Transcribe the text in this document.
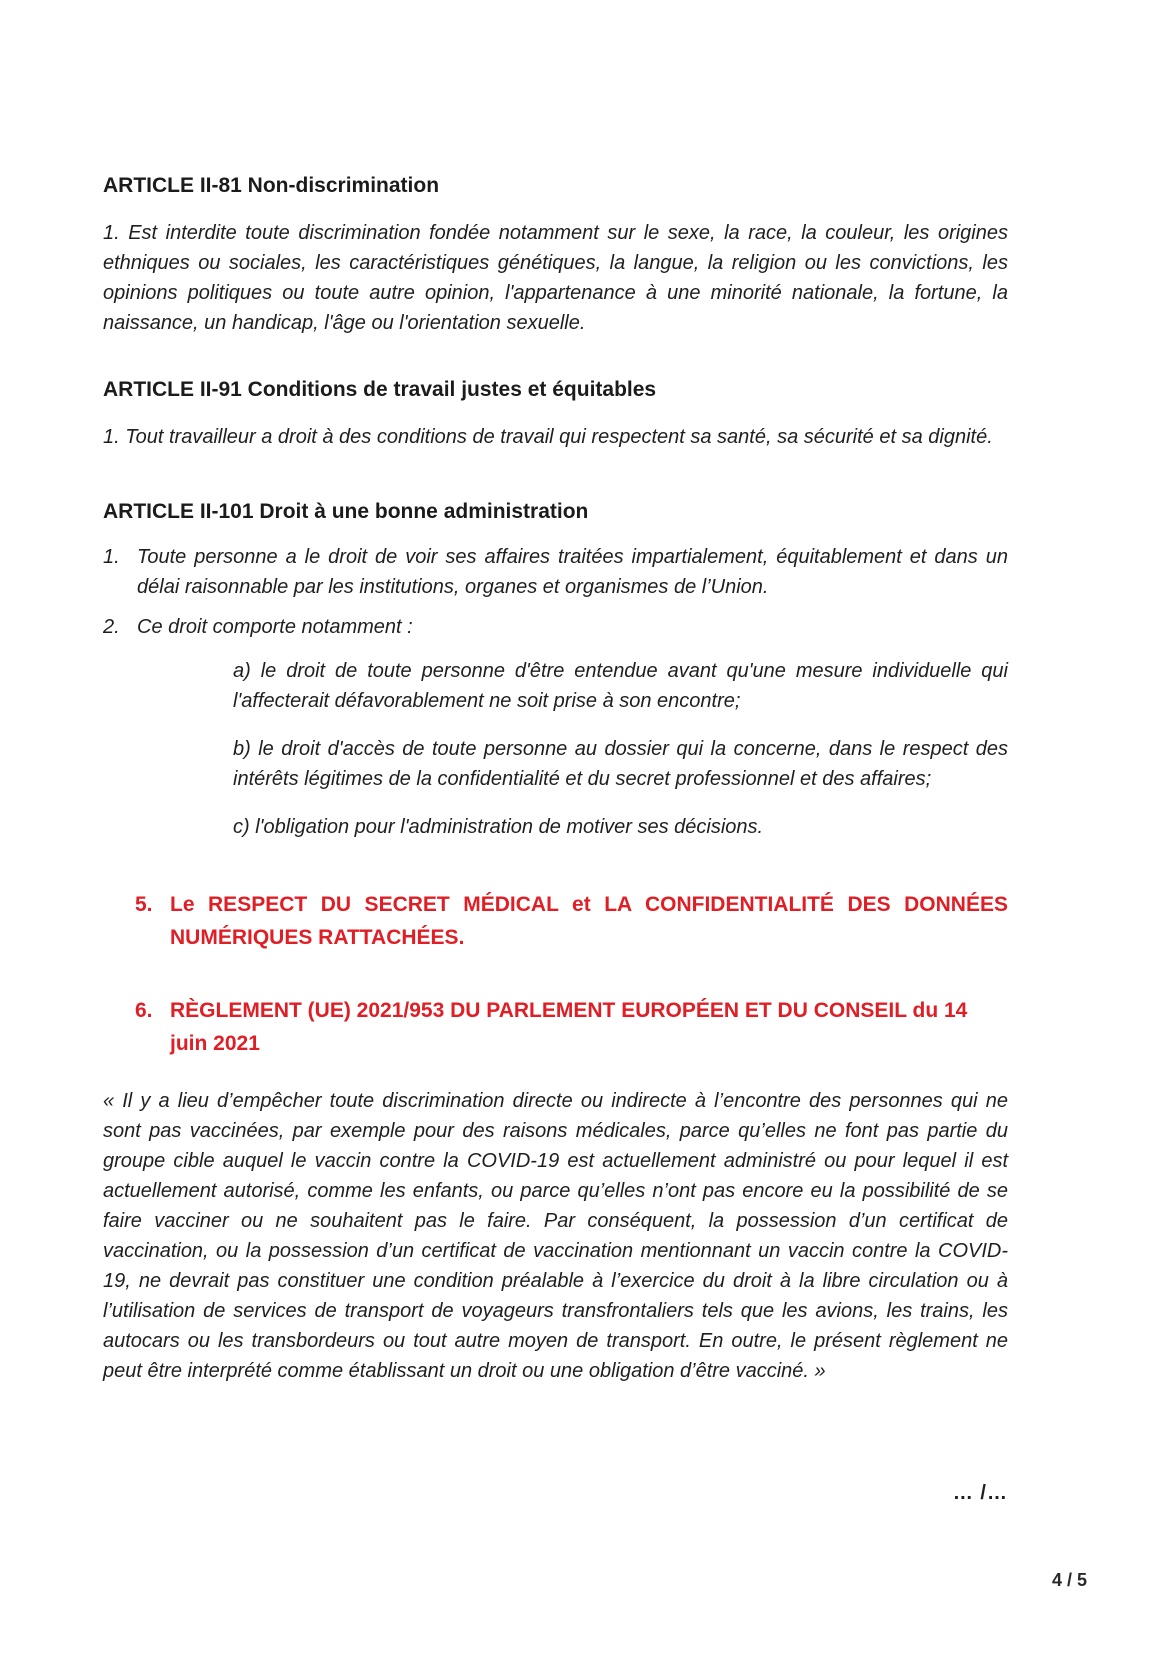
ARTICLE II-81 Non-discrimination

1. Est interdite toute discrimination fondée notamment sur le sexe, la race, la couleur, les origines ethniques ou sociales, les caractéristiques génétiques, la langue, la religion ou les convictions, les opinions politiques ou toute autre opinion, l'appartenance à une minorité nationale, la fortune, la naissance, un handicap, l'âge ou l'orientation sexuelle.

ARTICLE II-91 Conditions de travail justes et équitables

1. Tout travailleur a droit à des conditions de travail qui respectent sa santé, sa sécurité et sa dignité.

ARTICLE II-101 Droit à une bonne administration
1. Toute personne a le droit de voir ses affaires traitées impartialement, équitablement et dans un délai raisonnable par les institutions, organes et organismes de l’Union.
2. Ce droit comporte notamment :

a) le droit de toute personne d'être entendue avant qu'une mesure individuelle qui l'affecterait défavorablement ne soit prise à son encontre;

b) le droit d'accès de toute personne au dossier qui la concerne, dans le respect des intérêts légitimes de la confidentialité et du secret professionnel et des affaires;

c) l'obligation pour l'administration de motiver ses décisions.

5. Le RESPECT DU SECRET MÉDICAL et LA CONFIDENTIALITÉ DES DONNÉES NUMÉRIQUES RATTACHÉES.
6. RÈGLEMENT (UE) 2021/953 DU PARLEMENT EUROPÉEN ET DU CONSEIL du 14 juin 2021

« Il y a lieu d’empêcher toute discrimination directe ou indirecte à l’encontre des personnes qui ne sont pas vaccinées, par exemple pour des raisons médicales, parce qu’elles ne font pas partie du groupe cible auquel le vaccin contre la COVID-19 est actuellement administré ou pour lequel il est actuellement autorisé, comme les enfants, ou parce qu’elles n’ont pas encore eu la possibilité de se faire vacciner ou ne souhaitent pas le faire. Par conséquent, la possession d’un certificat de vaccination, ou la possession d’un certificat de vaccination mentionnant un vaccin contre la COVID-19, ne devrait pas constituer une condition préalable à l’exercice du droit à la libre circulation ou à l’utilisation de services de transport de voyageurs transfrontaliers tels que les avions, les trains, les autocars ou les transbordeurs ou tout autre moyen de transport. En outre, le présent règlement ne peut être interprété comme établissant un droit ou une obligation d’être vacciné. »

… /…
4 / 5
